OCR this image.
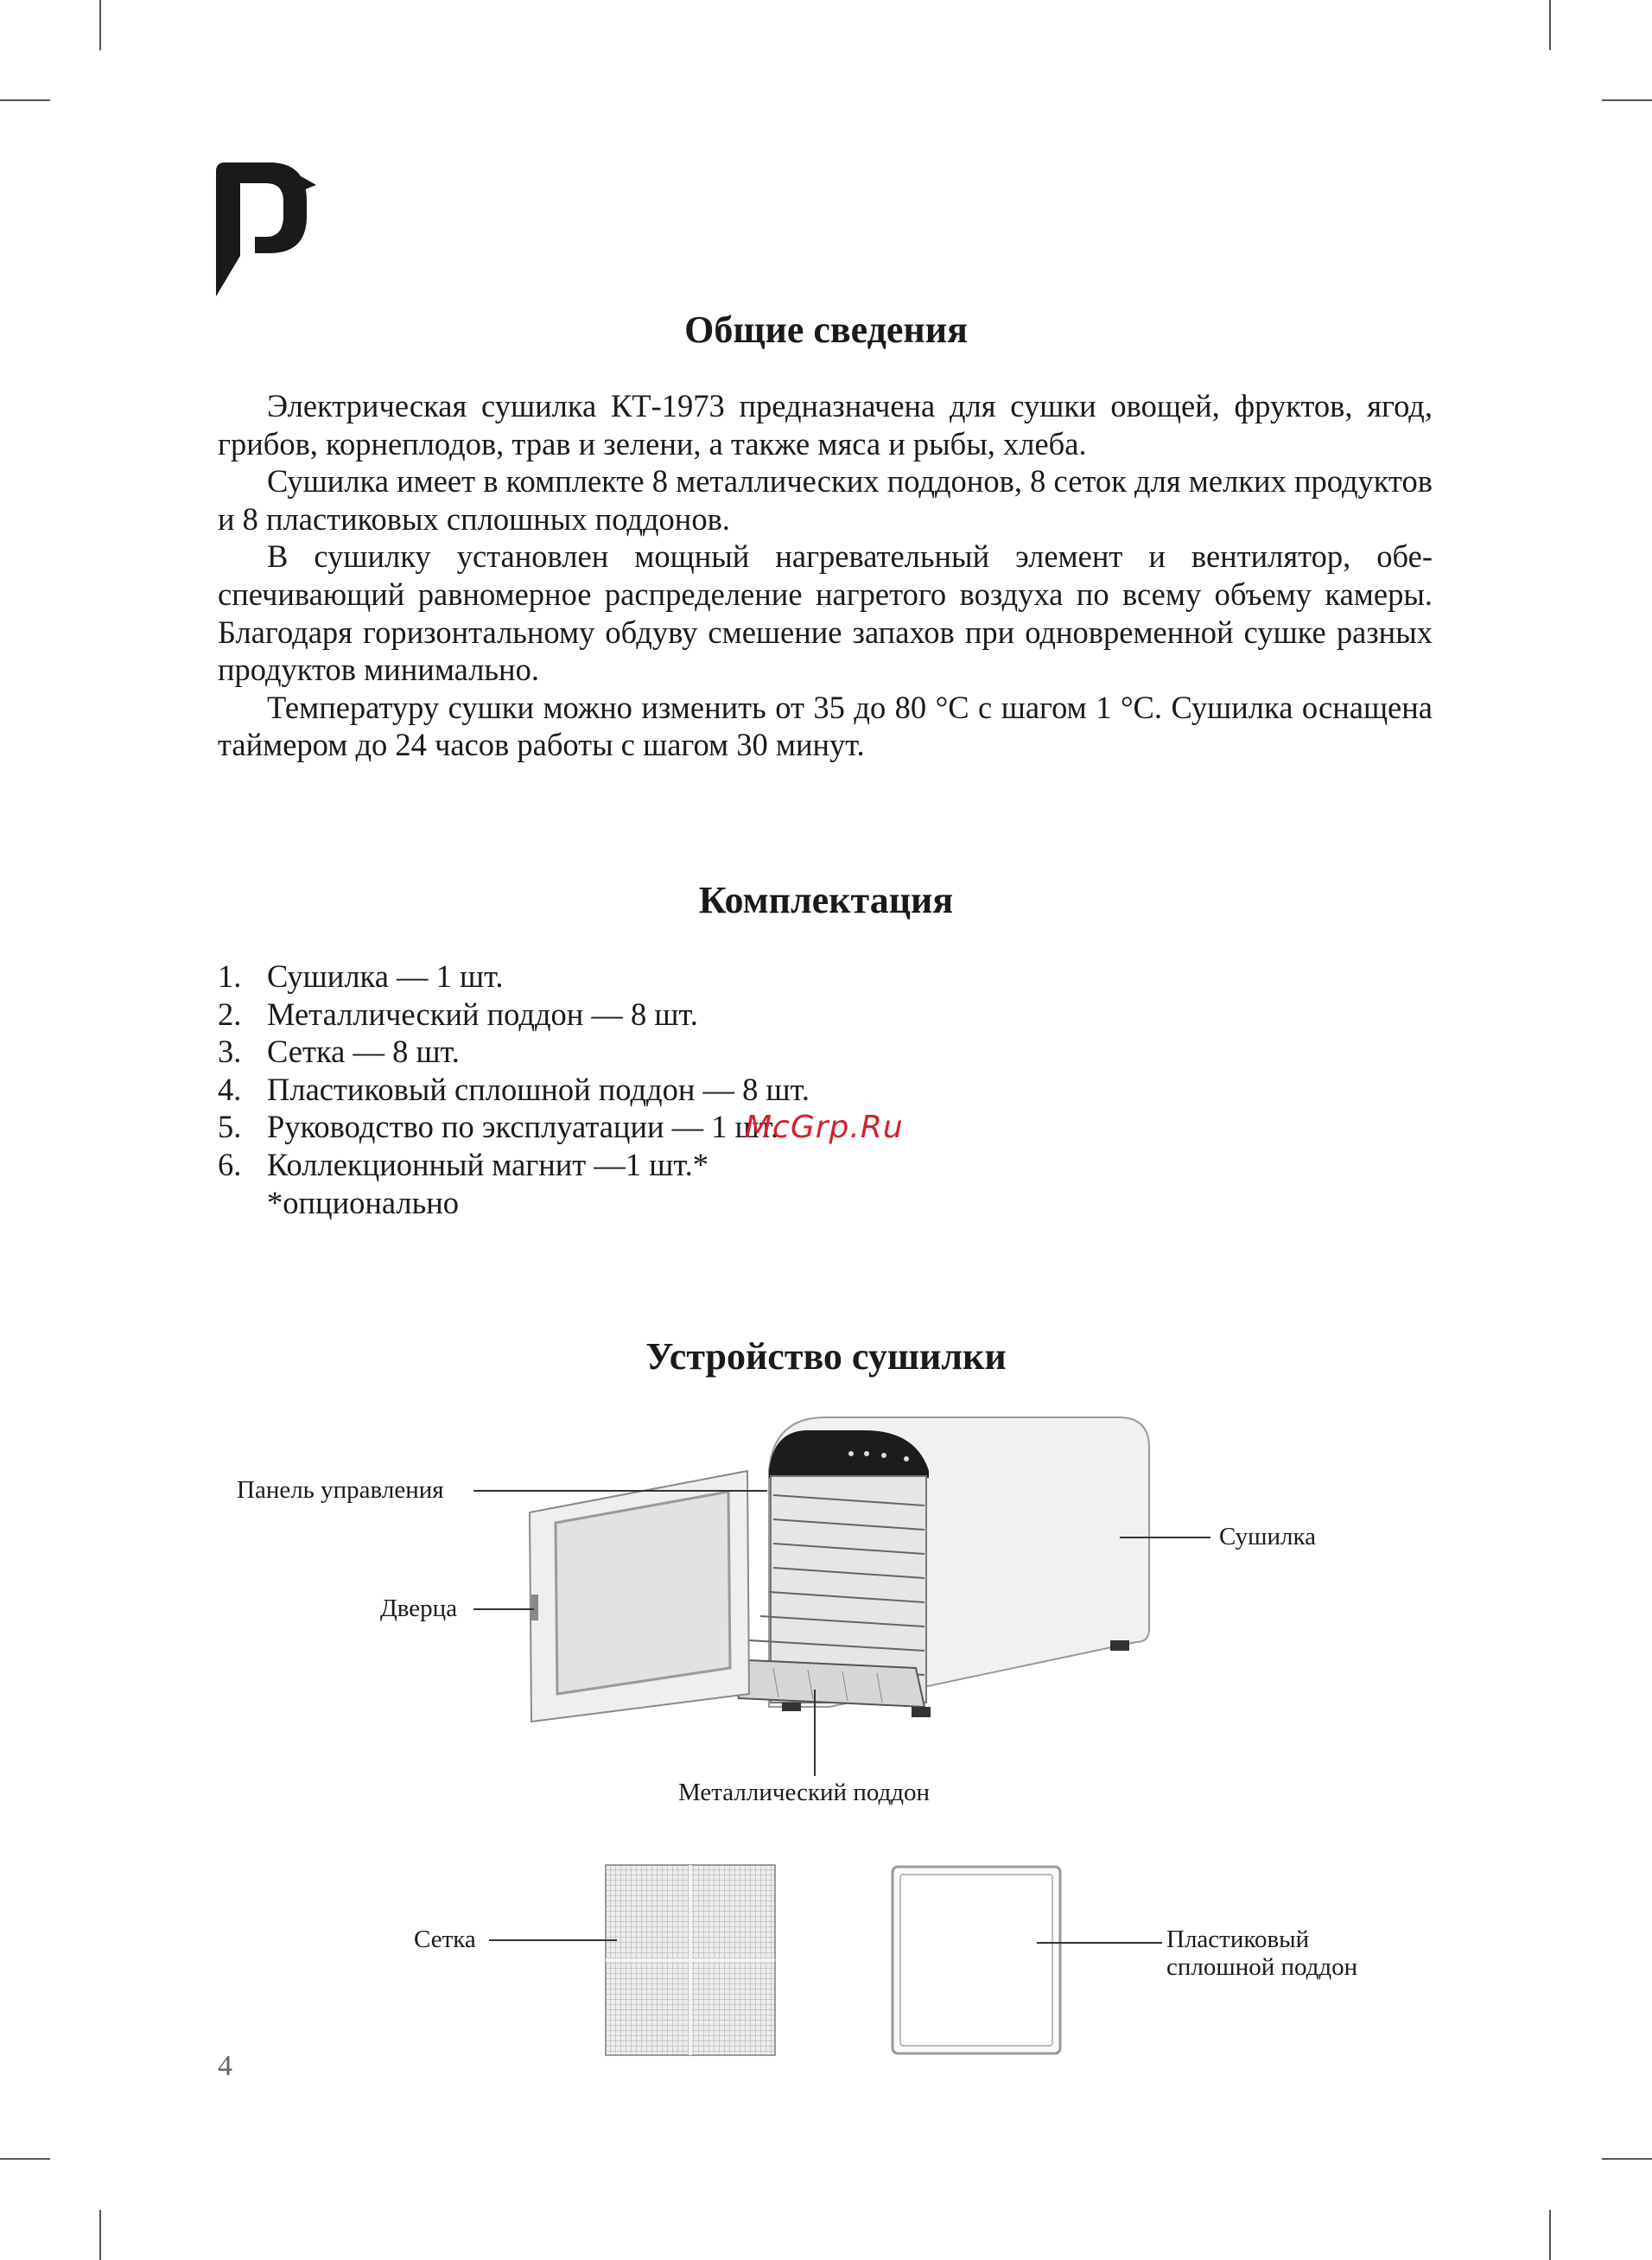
Общие сведения

Электрическая сушилка КТ-1973 предназначена для сушки овощей, фруктов, ягод, грибов, корнеплодов, трав и зелени, а также мяса и рыбы, хлеба.

Сушилка имеет в комплекте 8 металлических поддонов, 8 сеток для мелких продуктов и 8 пластиковых сплошных поддонов.

В сушилку установлен мощный нагревательный элемент и вентилятор, обеспечивающий равномерное распределение нагретого воздуха по всему объему камеры. Благодаря горизонтальному обдуву смешение запахов при одновременной сушке разных продуктов минимально.

Температуру сушки можно изменить от 35 до 80 °С с шагом 1 °С. Сушилка оснащена таймером до 24 часов работы с шагом 30 минут.

Комплектация
1. Сушилка — 1 шт.
2. Металлический поддон — 8 шт.
3. Сетка — 8 шт.
4. Пластиковый сплошной поддон — 8 шт.
5. Руководство по эксплуатации — 1 шт.
6. Коллекционный магнит —1 шт.*
*опционально
McGrp.Ru
Устройство сушилки
Панель управления
Дверца
Сушилка
Металлический поддон
Сетка	Пластиковый
сплошной поддон
4
